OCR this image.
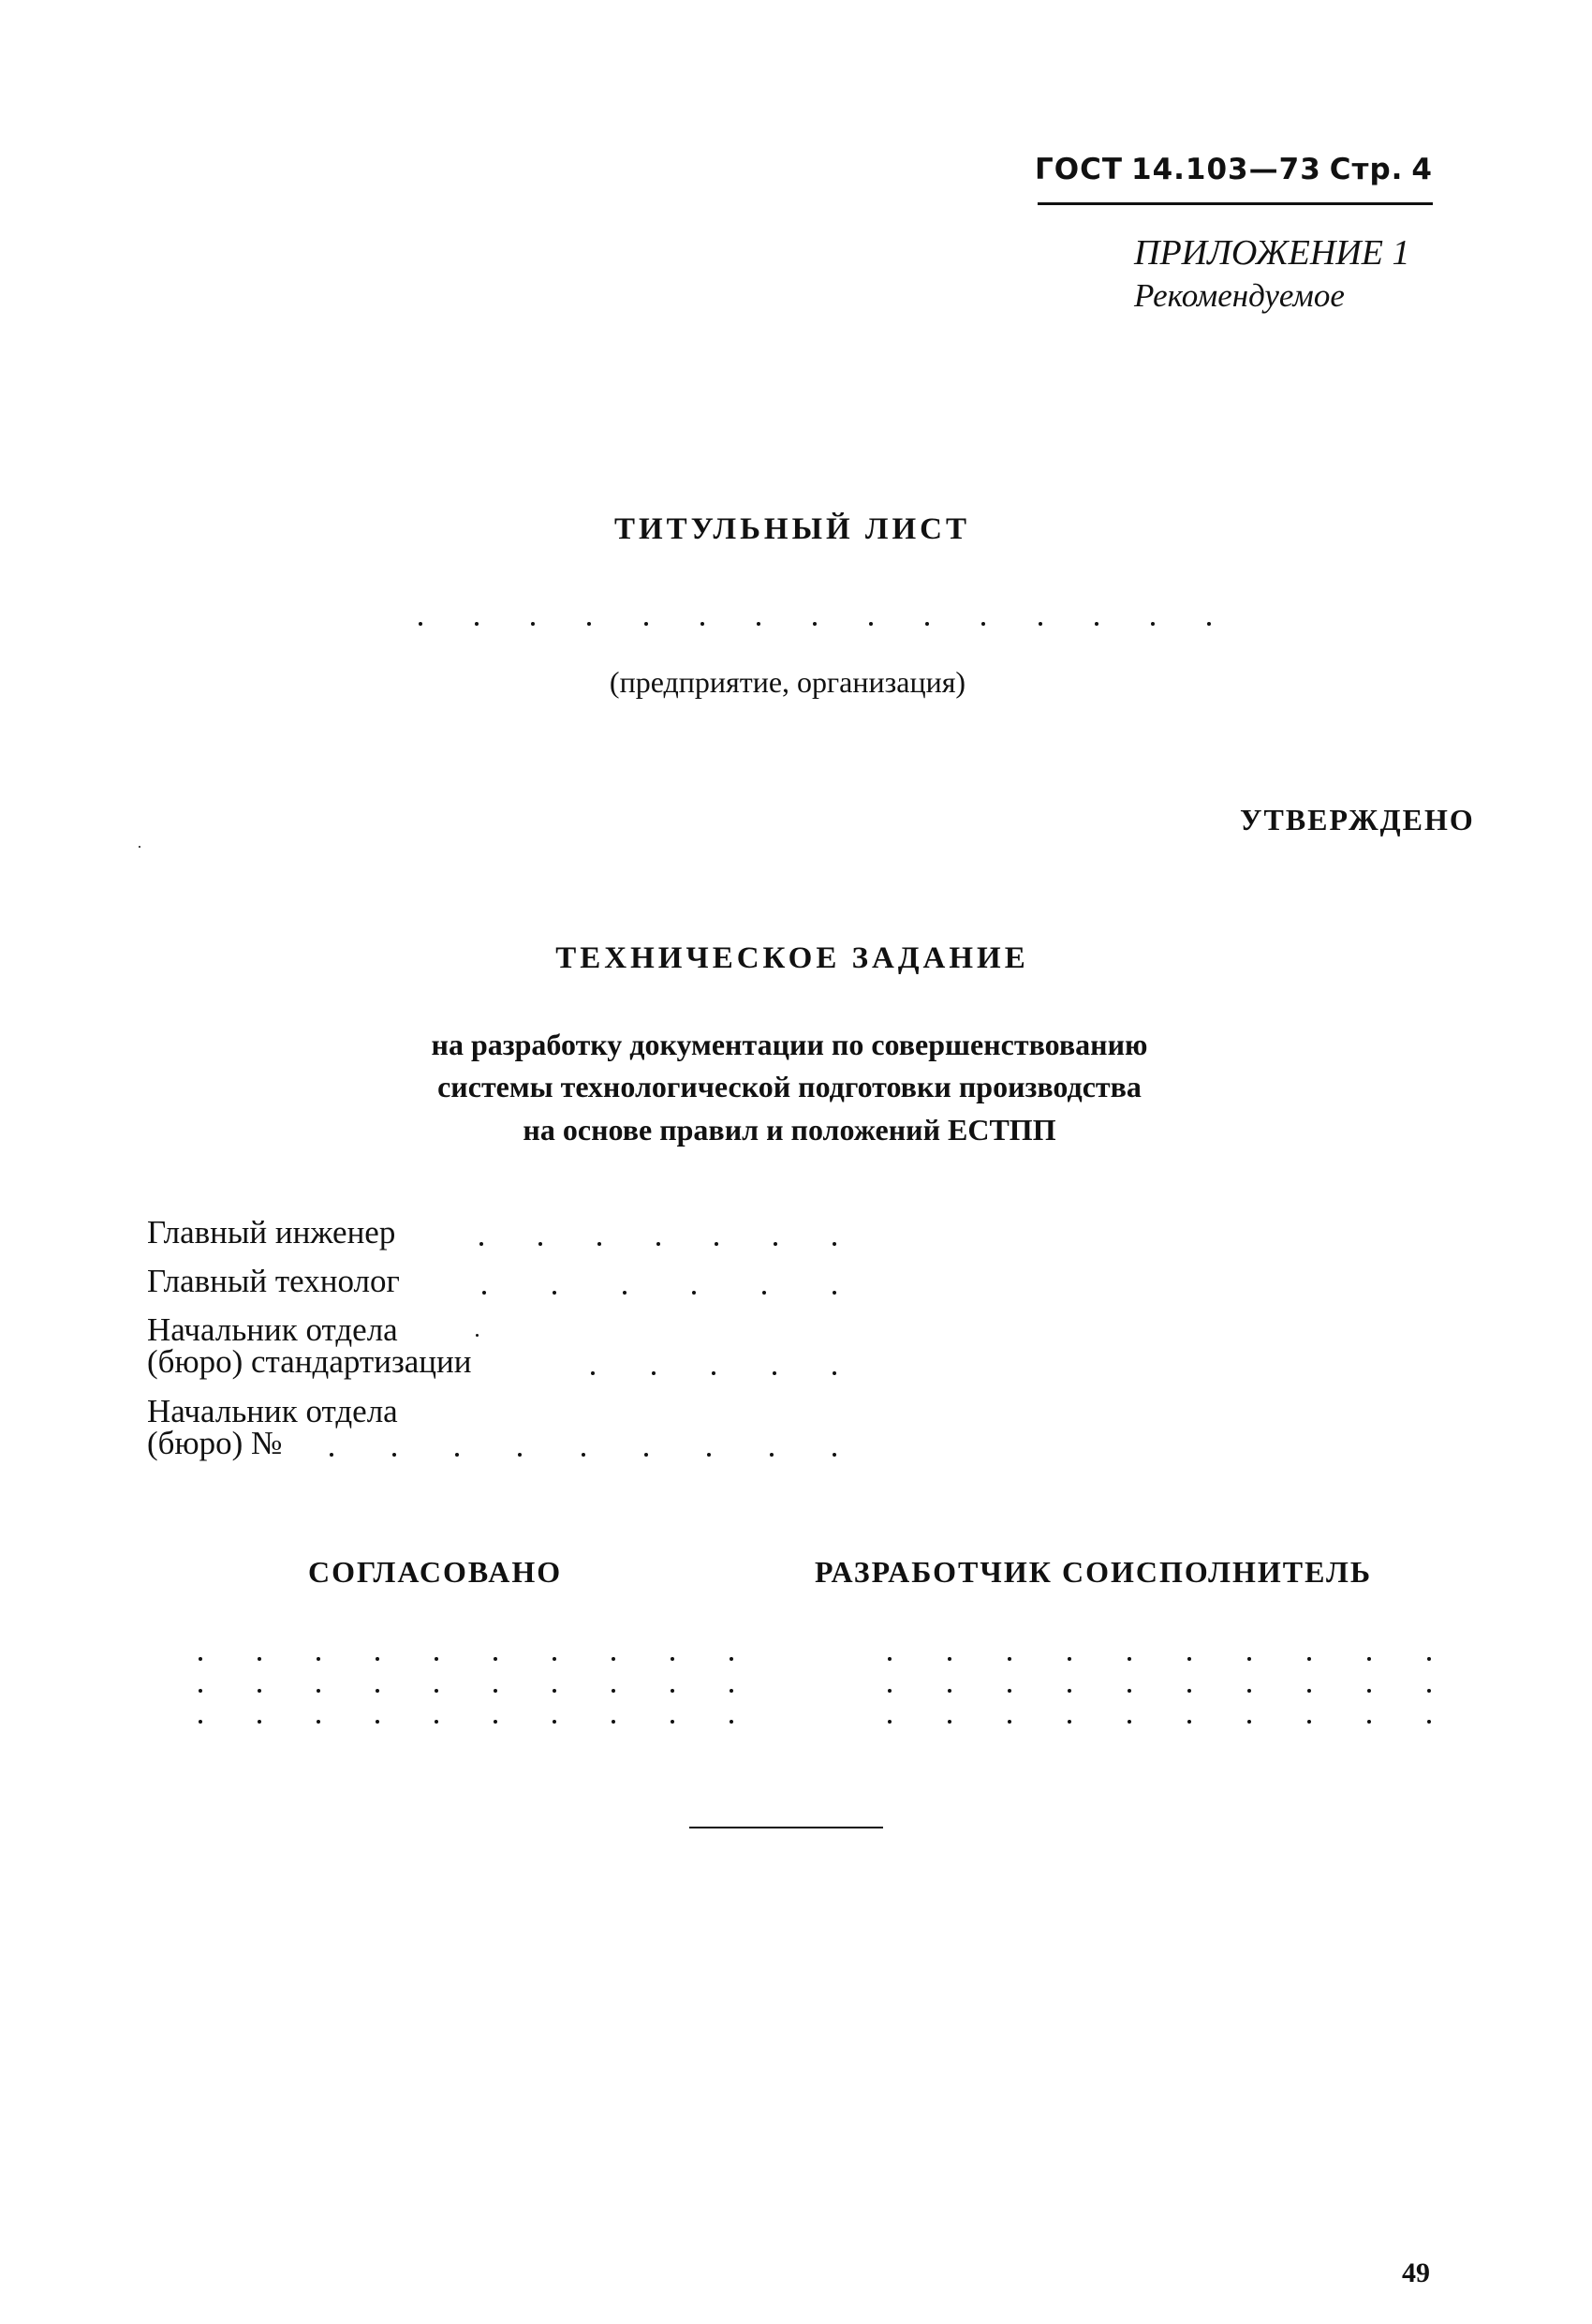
ГОСТ 14.103—73 Стр. 4
ПРИЛОЖЕНИЕ 1
Рекомендуемое
ТИТУЛЬНЫЙ ЛИСТ
(предприятие, организация)
УТВЕРЖДЕНО
ТЕХНИЧЕСКОЕ ЗАДАНИЕ
на разработку документации по совершенствованию
системы технологической подготовки производства
на основе правил и положений ЕСТПП
Главный инженер
Главный технолог
Начальник отдела
(бюро) стандартизации
Начальник отдела
(бюро) №
СОГЛАСОВАНО	РАЗРАБОТЧИК СОИСПОЛНИТЕЛЬ
49
